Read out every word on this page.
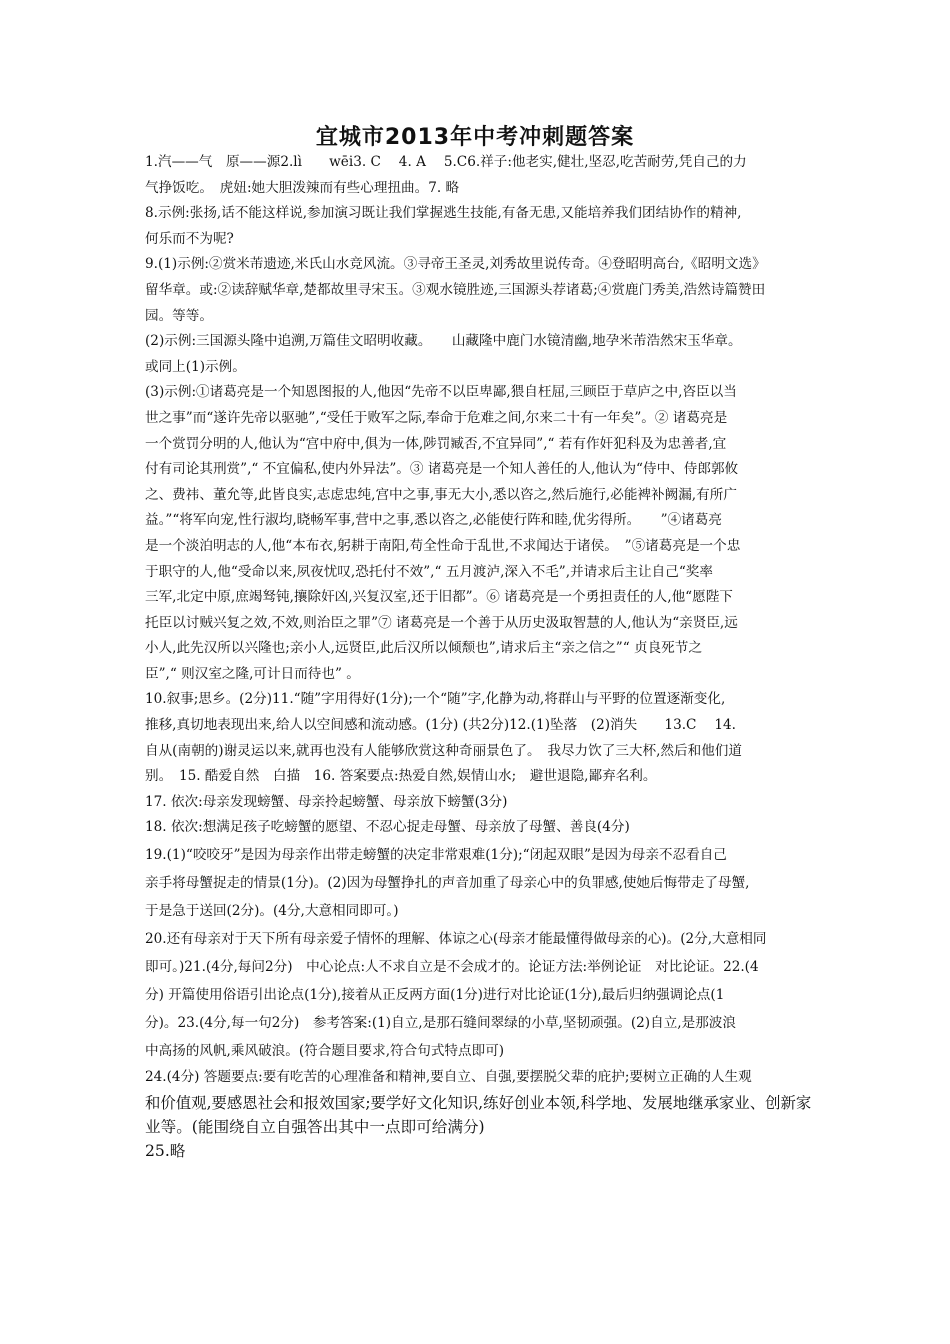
宜城市2013年中考冲刺题答案
1.汽——气　原——源2.lì　　wēi3. C　 4. A　 5.C6.祥子:他老实,健壮,坚忍,吃苦耐劳,凭自己的力
气挣饭吃。　虎妞:她大胆泼辣而有些心理扭曲。7. 略
8.示例:张扬,话不能这样说,参加演习既让我们掌握逃生技能,有备无患,又能培养我们团结协作的精神,
何乐而不为呢?
9.(1)示例:②赏米芾遗迹,米氏山水竞风流。③寻帝王圣灵,刘秀故里说传奇。④登昭明高台,《昭明文选》
留华章。或:②读辞赋华章,楚都故里寻宋玉。③观水镜胜迹,三国源头荐诸葛;④赏鹿门秀美,浩然诗篇赞田
园。等等。
(2)示例:三国源头隆中追溯,万篇佳文昭明收藏。　　山藏隆中鹿门水镜清幽,地孕米芾浩然宋玉华章。
或同上(1)示例。
(3)示例:①诸葛亮是一个知恩图报的人,他因“先帝不以臣卑鄙,猥自枉屈,三顾臣于草庐之中,咨臣以当
世之事”而“遂许先帝以驱驰”,“受任于败军之际,奉命于危难之间,尔来二十有一年矣”。② 诸葛亮是
一个赏罚分明的人,他认为“宫中府中,俱为一体,陟罚臧否,不宜异同”,“ 若有作奸犯科及为忠善者,宜
付有司论其刑赏”,“ 不宜偏私,使内外异法”。③ 诸葛亮是一个知人善任的人,他认为“侍中、侍郎郭攸
之、费祎、董允等,此皆良实,志虑忠纯,宫中之事,事无大小,悉以咨之,然后施行,必能裨补阙漏,有所广
益。”“将军向宠,性行淑均,晓畅军事,营中之事,悉以咨之,必能使行阵和睦,优劣得所。　　”④诸葛亮
是一个淡泊明志的人,他“本布衣,躬耕于南阳,苟全性命于乱世,不求闻达于诸侯。　”⑤诸葛亮是一个忠
于职守的人,他“受命以来,夙夜忧叹,恐托付不效”,“ 五月渡泸,深入不毛”,并请求后主让自己“奖率
三军,北定中原,庶竭驽钝,攘除奸凶,兴复汉室,还于旧都”。⑥ 诸葛亮是一个勇担责任的人,他“愿陛下
托臣以讨贼兴复之效,不效,则治臣之罪”⑦ 诸葛亮是一个善于从历史汲取智慧的人,他认为“亲贤臣,远
小人,此先汉所以兴隆也;亲小人,远贤臣,此后汉所以倾颓也”,请求后主“亲之信之”“ 贞良死节之
臣”,“ 则汉室之隆,可计日而待也” 。
10.叙事;思乡。(2分)11.“随”字用得好(1分);一个“随”字,化静为动,将群山与平野的位置逐渐变化,
推移,真切地表现出来,给人以空间感和流动感。(1分) (共2分)12.(1)坠落　(2)消失　　13.C　 14.
自从(南朝的)谢灵运以来,就再也没有人能够欣赏这种奇丽景色了。　我尽力饮了三大杯,然后和他们道
别。　15. 酷爱自然　白描　16. 答案要点:热爱自然,娱情山水;　避世退隐,鄙弃名利。
17. 依次:母亲发现螃蟹、母亲拎起螃蟹、母亲放下螃蟹(3分)
18. 依次:想满足孩子吃螃蟹的愿望、不忍心捉走母蟹、母亲放了母蟹、善良(4分)
19.(1)“咬咬牙”是因为母亲作出带走螃蟹的决定非常艰难(1分);“闭起双眼”是因为母亲不忍看自己
亲手将母蟹捉走的情景(1分)。(2)因为母蟹挣扎的声音加重了母亲心中的负罪感,使她后悔带走了母蟹,
于是急于送回(2分)。(4分,大意相同即可。)
20.还有母亲对于天下所有母亲爱子情怀的理解、体谅之心(母亲才能最懂得做母亲的心)。(2分,大意相同
即可。)21.(4分,每问2分)　中心论点:人不求自立是不会成才的。论证方法:举例论证　对比论证。22.(4
分) 开篇使用俗语引出论点(1分),接着从正反两方面(1分)进行对比论证(1分),最后归纳强调论点(1
分)。23.(4分,每一句2分)　参考答案:(1)自立,是那石缝间翠绿的小草,坚韧顽强。(2)自立,是那波浪
中高扬的风帆,乘风破浪。(符合题目要求,符合句式特点即可)
24.(4分) 答题要点:要有吃苦的心理准备和精神,要自立、自强,要摆脱父辈的庇护;要树立正确的人生观
和价值观,要感恩社会和报效国家;要学好文化知识,练好创业本领,科学地、发展地继承家业、创新家
业等。(能围绕自立自强答出其中一点即可给满分)
25.略
